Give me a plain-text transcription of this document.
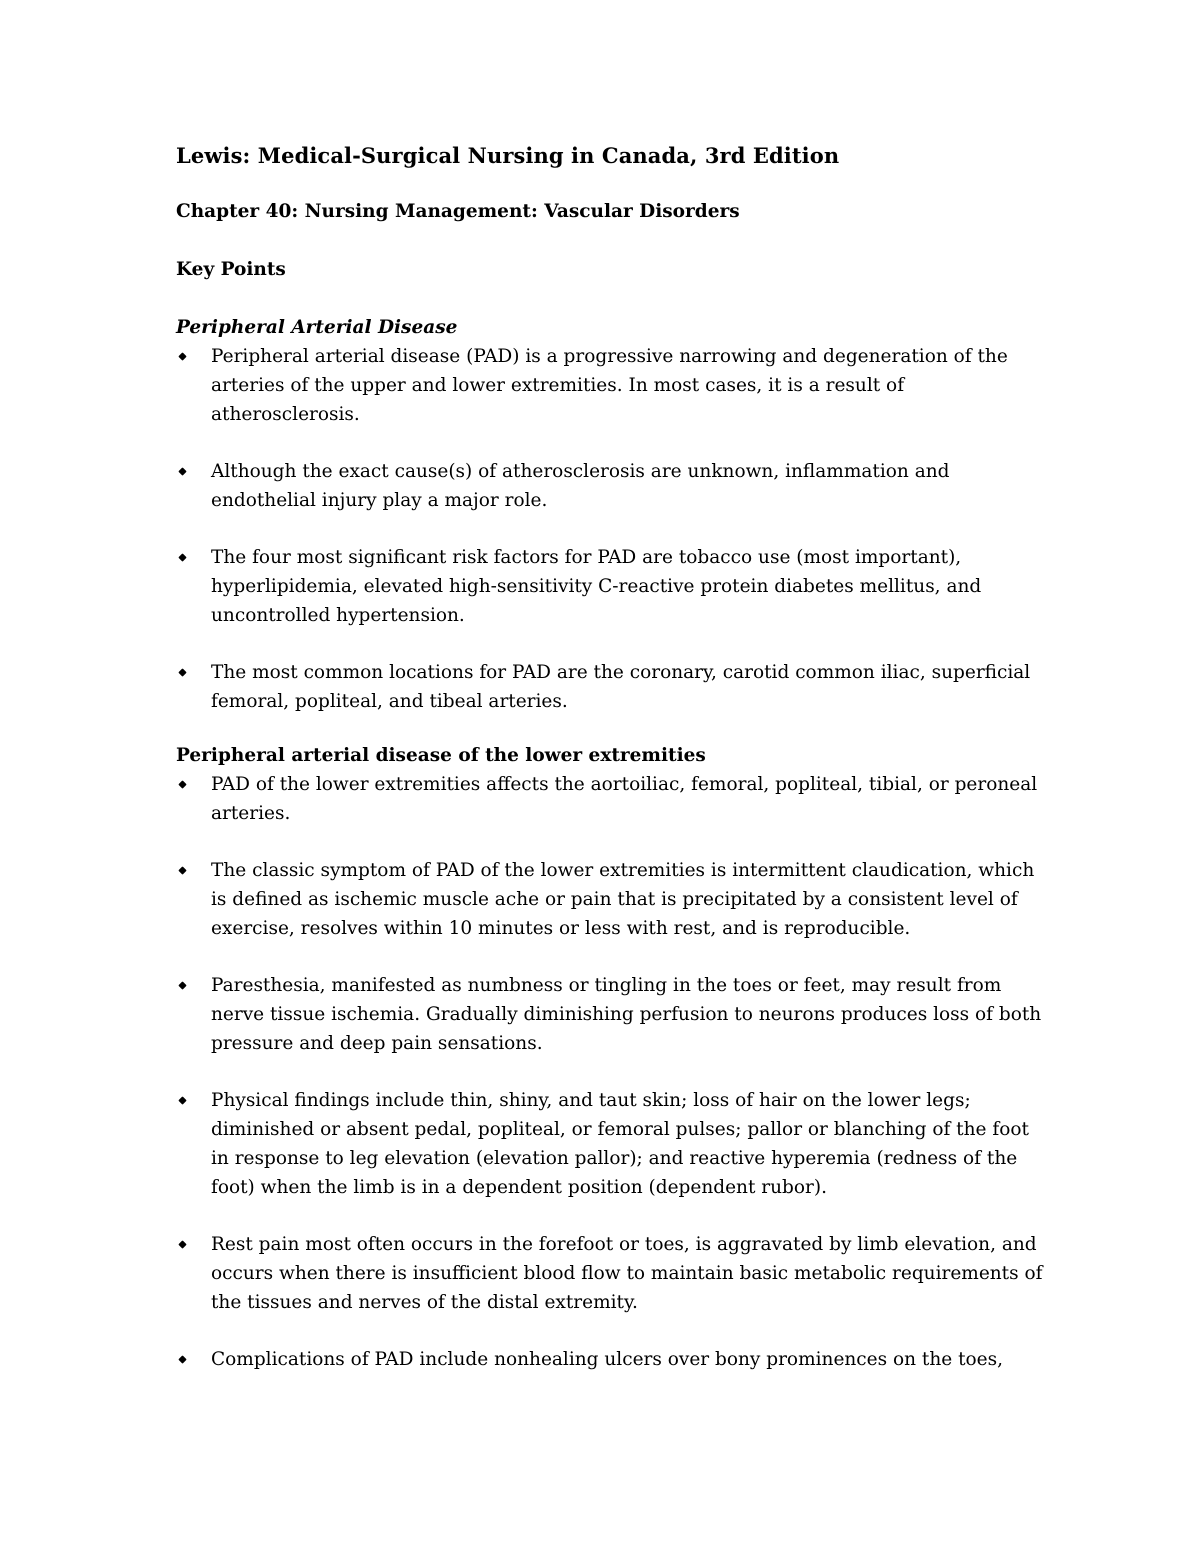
Lewis: Medical-Surgical Nursing in Canada, 3rd Edition
Chapter 40: Nursing Management: Vascular Disorders
Key Points
Peripheral Arterial Disease
Peripheral arterial disease (PAD) is a progressive narrowing and degeneration of the arteries of the upper and lower extremities. In most cases, it is a result of atherosclerosis.
Although the exact cause(s) of atherosclerosis are unknown, inflammation and endothelial injury play a major role.
The four most significant risk factors for PAD are tobacco use (most important), hyperlipidemia, elevated high-sensitivity C-reactive protein diabetes mellitus, and uncontrolled hypertension.
The most common locations for PAD are the coronary, carotid common iliac, superficial femoral, popliteal, and tibeal arteries.
Peripheral arterial disease of the lower extremities
PAD of the lower extremities affects the aortoiliac, femoral, popliteal, tibial, or peroneal arteries.
The classic symptom of PAD of the lower extremities is intermittent claudication, which is defined as ischemic muscle ache or pain that is precipitated by a consistent level of exercise, resolves within 10 minutes or less with rest, and is reproducible.
Paresthesia, manifested as numbness or tingling in the toes or feet, may result from nerve tissue ischemia. Gradually diminishing perfusion to neurons produces loss of both pressure and deep pain sensations.
Physical findings include thin, shiny, and taut skin; loss of hair on the lower legs; diminished or absent pedal, popliteal, or femoral pulses; pallor or blanching of the foot in response to leg elevation (elevation pallor); and reactive hyperemia (redness of the foot) when the limb is in a dependent position (dependent rubor).
Rest pain most often occurs in the forefoot or toes, is aggravated by limb elevation, and occurs when there is insufficient blood flow to maintain basic metabolic requirements of the tissues and nerves of the distal extremity.
Complications of PAD include nonhealing ulcers over bony prominences on the toes,
